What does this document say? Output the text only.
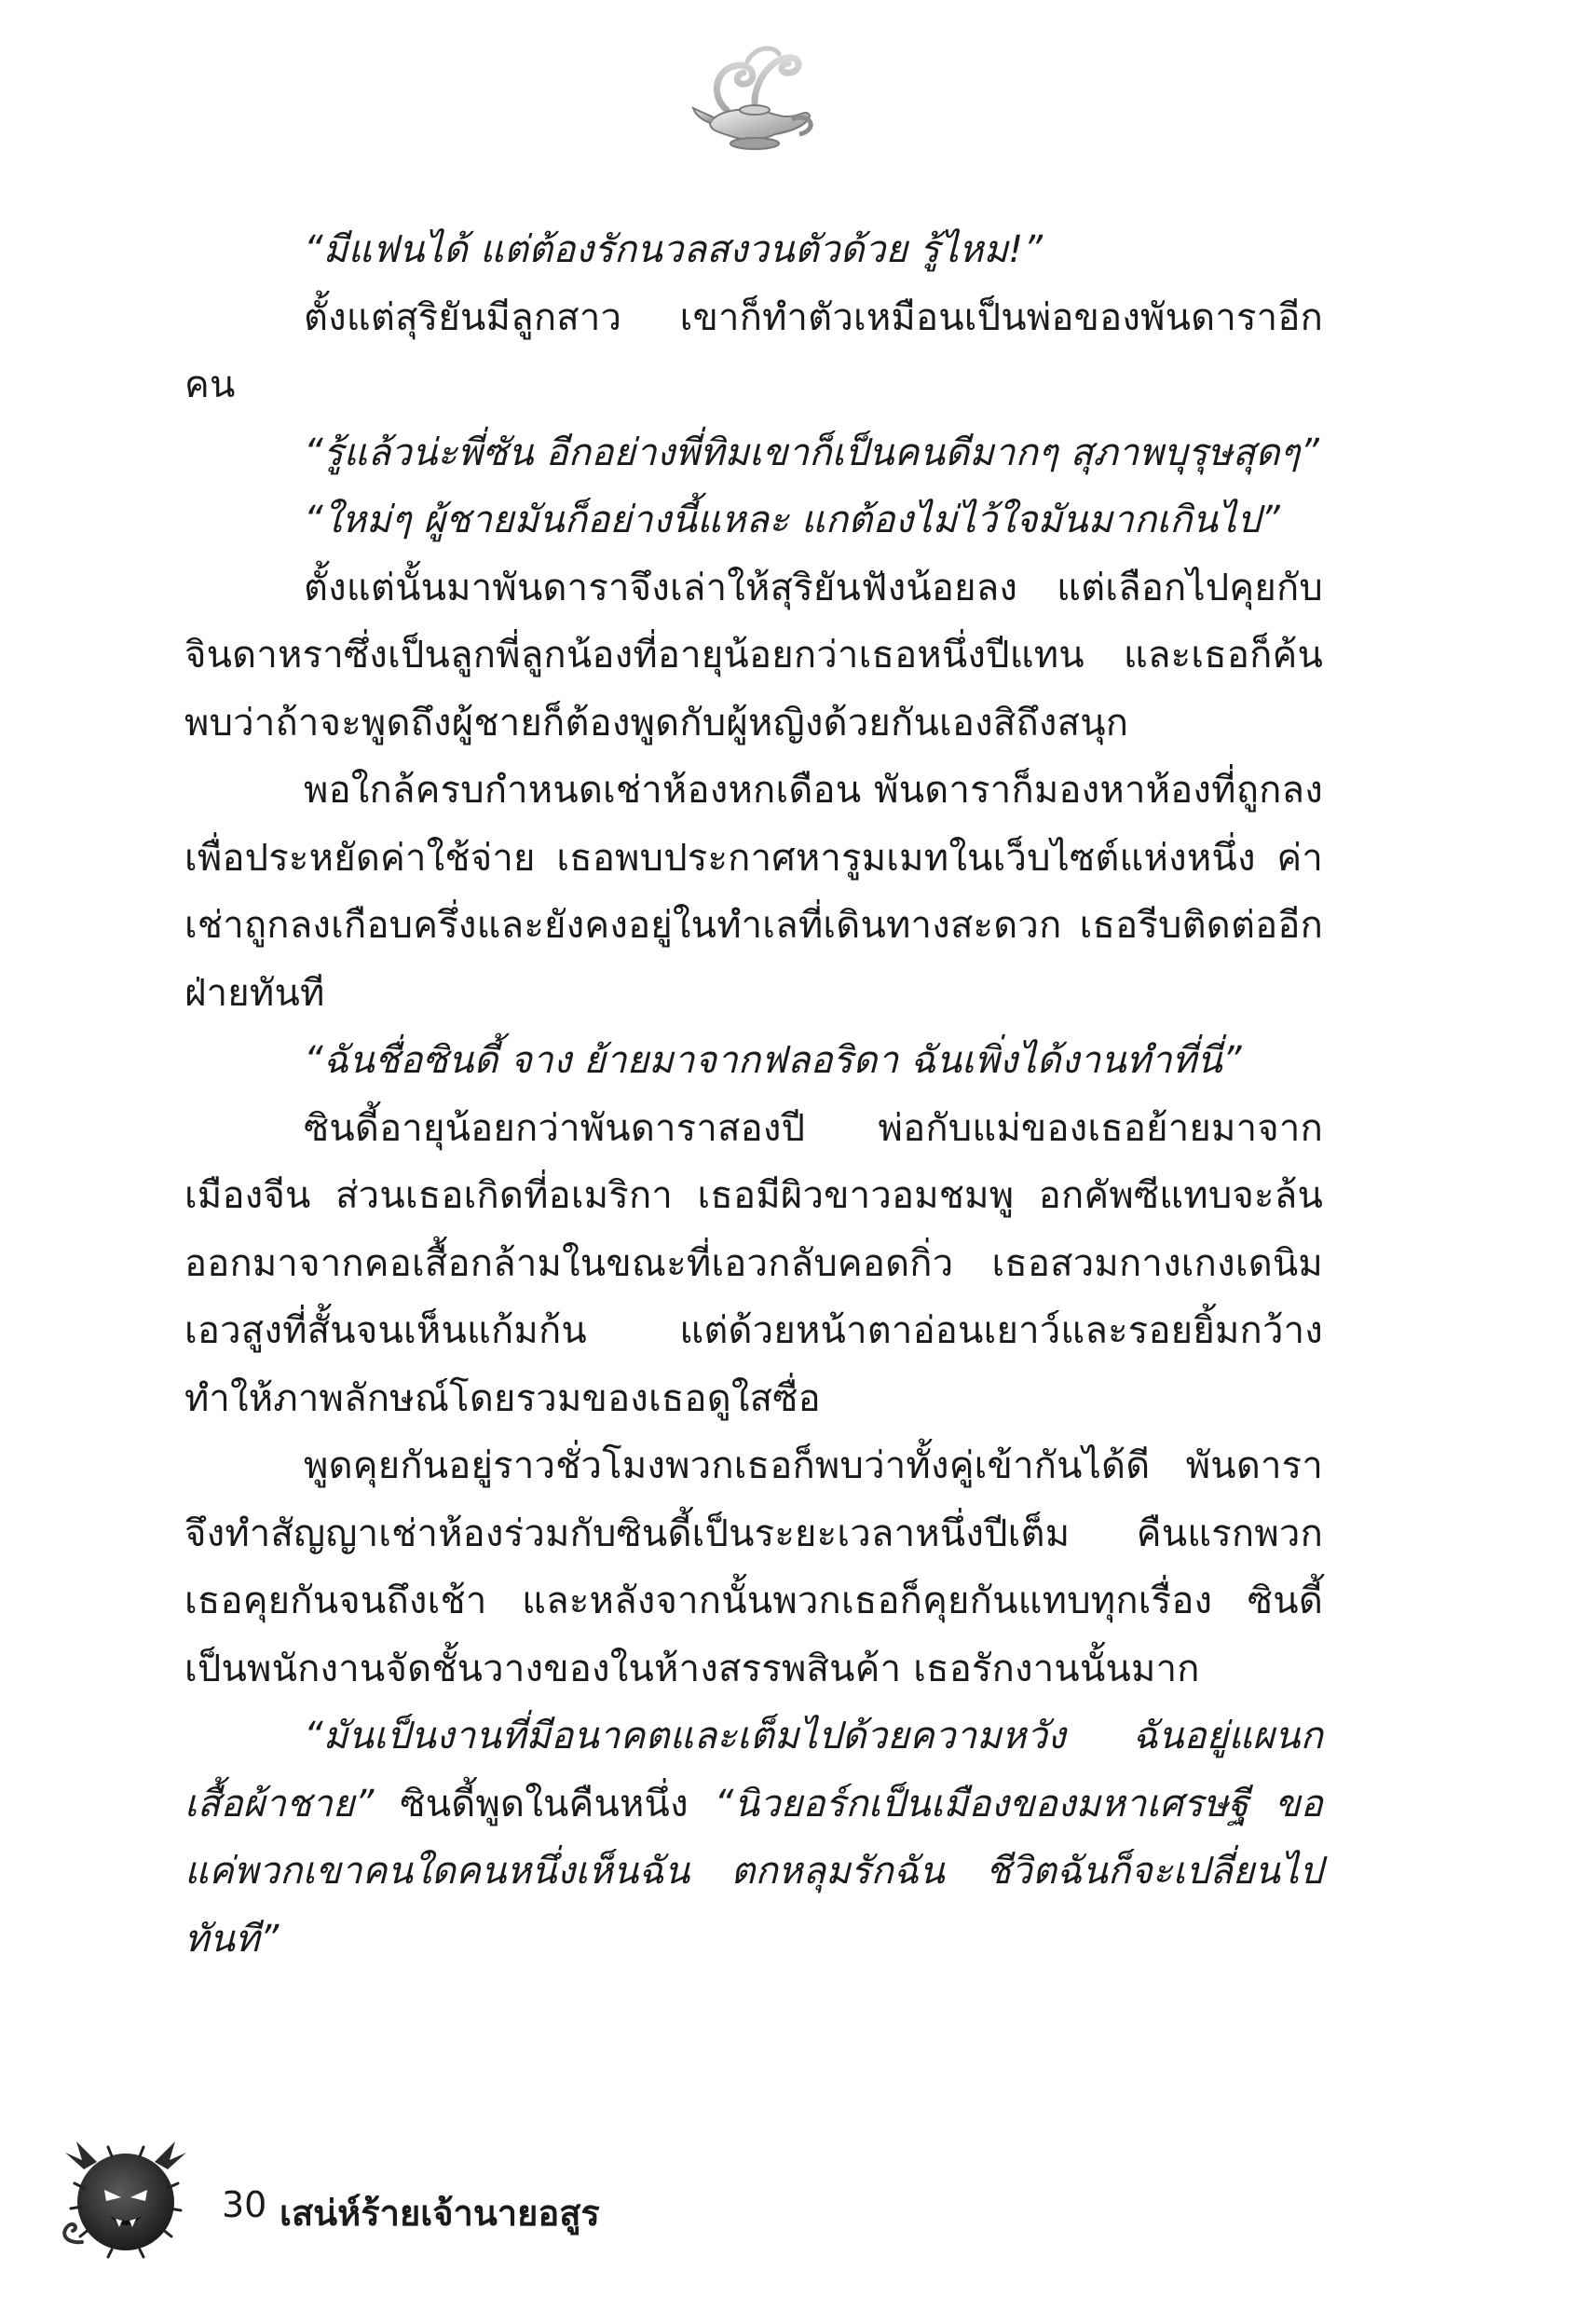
“มีแฟนได้ แต่ต้องรักนวลสงวนตัวด้วย รู้ไหม!”

ตั้งแต่สุริยันมีลูกสาว เขาก็ทำตัวเหมือนเป็นพ่อของพันดาราอีกคน

“รู้แล้วน่ะพี่ซัน อีกอย่างพี่ทิมเขาก็เป็นคนดีมากๆ สุภาพบุรุษสุดๆ”

“ใหม่ๆ ผู้ชายมันก็อย่างนี้แหละ แกต้องไม่ไว้ใจมันมากเกินไป”

ตั้งแต่นั้นมาพันดาราจึงเล่าให้สุริยันฟังน้อยลง แต่เลือกไปคุยกับจินดาหราซึ่งเป็นลูกพี่ลูกน้องที่อายุน้อยกว่าเธอหนึ่งปีแทน และเธอก็ค้นพบว่าถ้าจะพูดถึงผู้ชายก็ต้องพูดกับผู้หญิงด้วยกันเองสิถึงสนุก

พอใกล้ครบกำหนดเช่าห้องหกเดือน พันดาราก็มองหาห้องที่ถูกลงเพื่อประหยัดค่าใช้จ่าย เธอพบประกาศหารูมเมทในเว็บไซต์แห่งหนึ่ง ค่าเช่าถูกลงเกือบครึ่งและยังคงอยู่ในทำเลที่เดินทางสะดวก เธอรีบติดต่ออีกฝ่ายทันที

“ฉันชื่อซินดี้ จาง ย้ายมาจากฟลอริดา ฉันเพิ่งได้งานทำที่นี่”

ซินดี้อายุน้อยกว่าพันดาราสองปี พ่อกับแม่ของเธอย้ายมาจากเมืองจีน ส่วนเธอเกิดที่อเมริกา เธอมีผิวขาวอมชมพู อกคัพซีแทบจะล้นออกมาจากคอเสื้อกล้ามในขณะที่เอวกลับคอดกิ่ว เธอสวมกางเกงเดนิมเอวสูงที่สั้นจนเห็นแก้มก้น แต่ด้วยหน้าตาอ่อนเยาว์และรอยยิ้มกว้างทำให้ภาพลักษณ์โดยรวมของเธอดูใสซื่อ

พูดคุยกันอยู่ราวชั่วโมงพวกเธอก็พบว่าทั้งคู่เข้ากันได้ดี พันดาราจึงทำสัญญาเช่าห้องร่วมกับซินดี้เป็นระยะเวลาหนึ่งปีเต็ม คืนแรกพวกเธอคุยกันจนถึงเช้า และหลังจากนั้นพวกเธอก็คุยกันแทบทุกเรื่อง ซินดี้เป็นพนักงานจัดชั้นวางของในห้างสรรพสินค้า เธอรักงานนั้นมาก

“มันเป็นงานที่มีอนาคตและเต็มไปด้วยความหวัง ฉันอยู่แผนกเสื้อผ้าชาย” ซินดี้พูดในคืนหนึ่ง “นิวยอร์กเป็นเมืองของมหาเศรษฐี ขอแค่พวกเขาคนใดคนหนึ่งเห็นฉัน ตกหลุมรักฉัน ชีวิตฉันก็จะเปลี่ยนไปทันที”

30 เสน่ห์ร้ายเจ้านายอสูร
